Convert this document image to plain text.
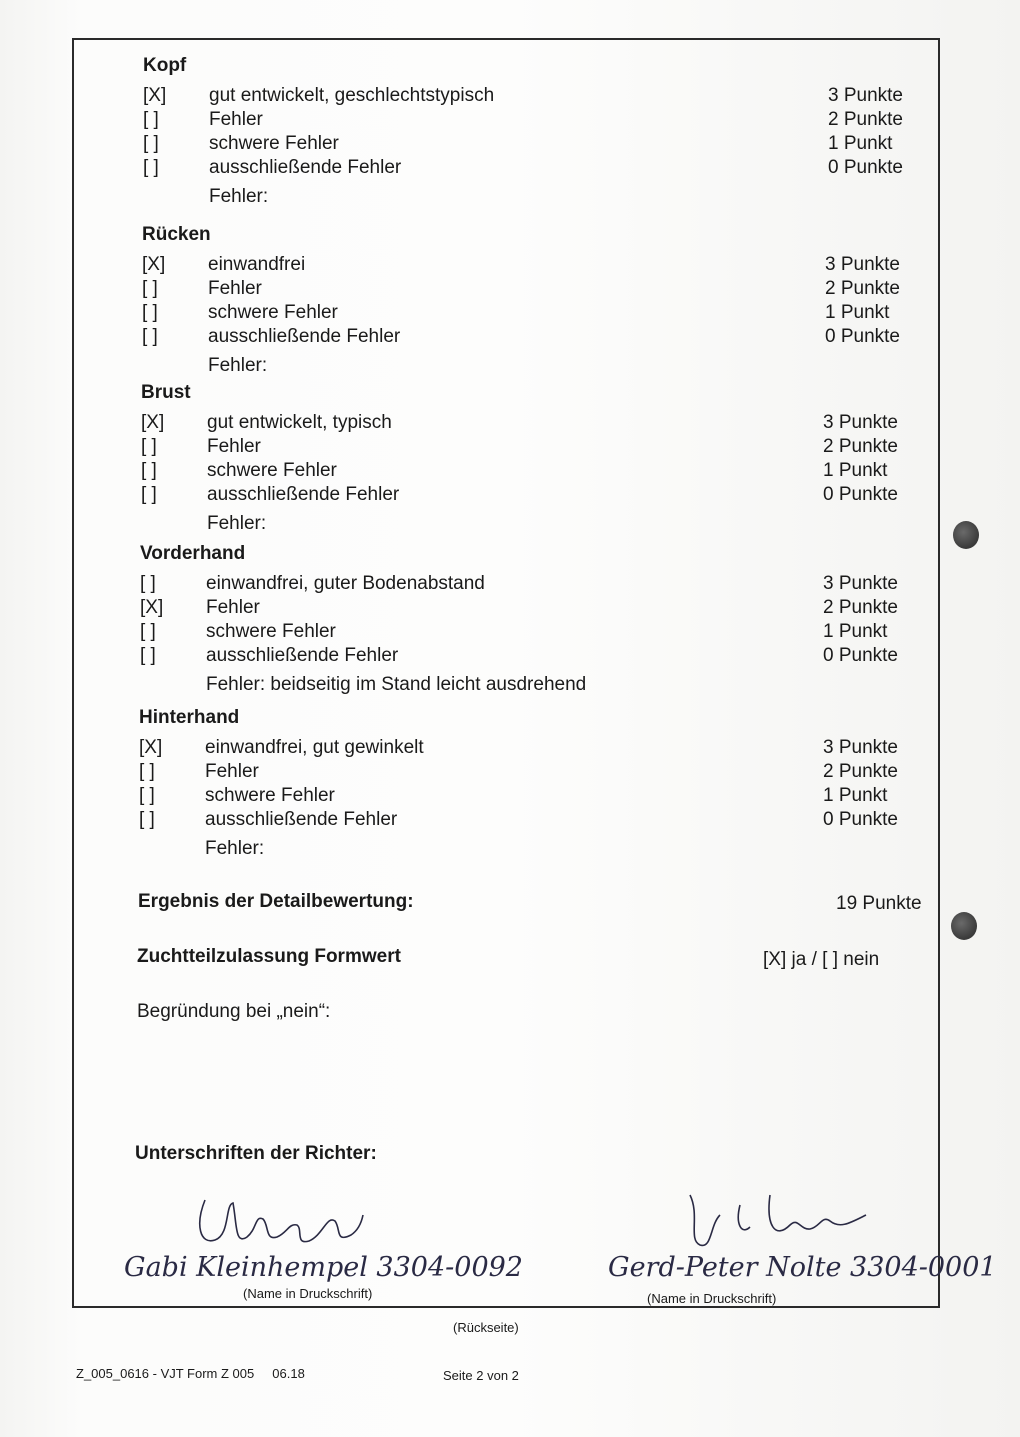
Kopf
[X] gut entwickelt, geschlechtstypisch	3 Punkte
[ ]	Fehler	2 Punkte
[ ]	schwere Fehler	1 Punkt
[ ]	ausschließende Fehler	0 Punkte
Fehler:
Rücken
[X] einwandfrei	3 Punkte
[ ]	Fehler	2 Punkte
[ ]	schwere Fehler	1 Punkt
[ ]	ausschließende Fehler	0 Punkte
Fehler:
Brust
[X] gut entwickelt, typisch	3 Punkte
[ ]	Fehler	2 Punkte
[ ]	schwere Fehler	1 Punkt
[ ]	ausschließende Fehler	0 Punkte
Fehler:
Vorderhand
[ ]	einwandfrei, guter Bodenabstand	3 Punkte
[X] Fehler	2 Punkte
[ ]	schwere Fehler	1 Punkt
[ ]	ausschließende Fehler	0 Punkte
Fehler: beidseitig im Stand leicht ausdrehend
Hinterhand
[X] einwandfrei, gut gewinkelt	3 Punkte
[ ]	Fehler	2 Punkte
[ ]	schwere Fehler	1 Punkt
[ ]	ausschließende Fehler	0 Punkte
Fehler:
Ergebnis der Detailbewertung:	19 Punkte
Zuchtteilzulassung Formwert	[X] ja / [ ] nein
Begründung bei „nein“:
Unterschriften der Richter:
Gabi Kleinhempel 3304-0092
(Name in Druckschrift)
Gerd-Peter Nolte 3304-0001
(Name in Druckschrift)
(Rückseite)
Z_005_0616 - VJT Form Z 005     06.18	Seite 2 von 2
